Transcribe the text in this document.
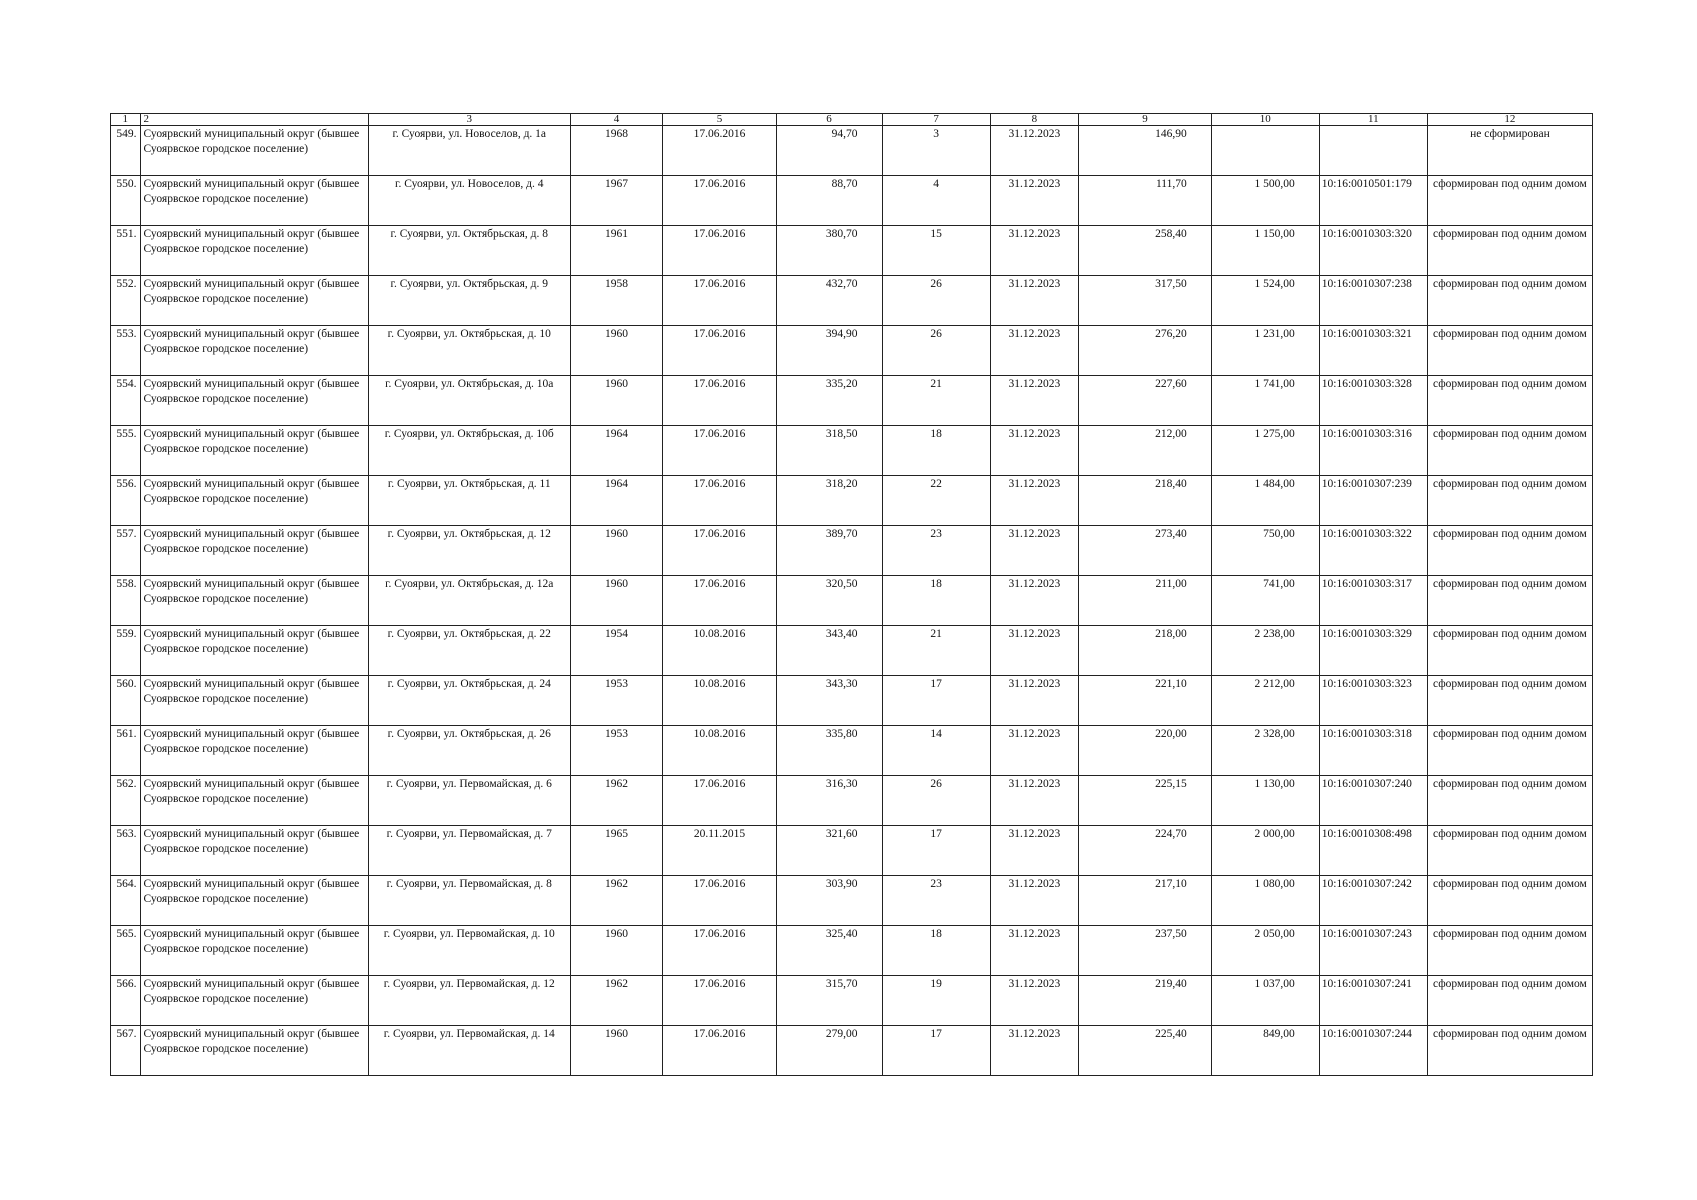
1	2	3	4	5	6	7	8	9	10	11	12
549.	Суоярвский муниципальный округ (бывшее Суоярвское городское поселение)	г. Суоярви, ул. Новоселов, д. 1а	1968	17.06.2016	94,70	3	31.12.2023	146,90			не сформирован
550.	Суоярвский муниципальный округ (бывшее Суоярвское городское поселение)	г. Суоярви, ул. Новоселов, д. 4	1967	17.06.2016	88,70	4	31.12.2023	111,70	1 500,00	10:16:0010501:179	сформирован под одним домом
551.	Суоярвский муниципальный округ (бывшее Суоярвское городское поселение)	г. Суоярви, ул. Октябрьская, д. 8	1961	17.06.2016	380,70	15	31.12.2023	258,40	1 150,00	10:16:0010303:320	сформирован под одним домом
552.	Суоярвский муниципальный округ (бывшее Суоярвское городское поселение)	г. Суоярви, ул. Октябрьская, д. 9	1958	17.06.2016	432,70	26	31.12.2023	317,50	1 524,00	10:16:0010307:238	сформирован под одним домом
553.	Суоярвский муниципальный округ (бывшее Суоярвское городское поселение)	г. Суоярви, ул. Октябрьская, д. 10	1960	17.06.2016	394,90	26	31.12.2023	276,20	1 231,00	10:16:0010303:321	сформирован под одним домом
554.	Суоярвский муниципальный округ (бывшее Суоярвское городское поселение)	г. Суоярви, ул. Октябрьская, д. 10а	1960	17.06.2016	335,20	21	31.12.2023	227,60	1 741,00	10:16:0010303:328	сформирован под одним домом
555.	Суоярвский муниципальный округ (бывшее Суоярвское городское поселение)	г. Суоярви, ул. Октябрьская, д. 10б	1964	17.06.2016	318,50	18	31.12.2023	212,00	1 275,00	10:16:0010303:316	сформирован под одним домом
556.	Суоярвский муниципальный округ (бывшее Суоярвское городское поселение)	г. Суоярви, ул. Октябрьская, д. 11	1964	17.06.2016	318,20	22	31.12.2023	218,40	1 484,00	10:16:0010307:239	сформирован под одним домом
557.	Суоярвский муниципальный округ (бывшее Суоярвское городское поселение)	г. Суоярви, ул. Октябрьская, д. 12	1960	17.06.2016	389,70	23	31.12.2023	273,40	750,00	10:16:0010303:322	сформирован под одним домом
558.	Суоярвский муниципальный округ (бывшее Суоярвское городское поселение)	г. Суоярви, ул. Октябрьская, д. 12а	1960	17.06.2016	320,50	18	31.12.2023	211,00	741,00	10:16:0010303:317	сформирован под одним домом
559.	Суоярвский муниципальный округ (бывшее Суоярвское городское поселение)	г. Суоярви, ул. Октябрьская, д. 22	1954	10.08.2016	343,40	21	31.12.2023	218,00	2 238,00	10:16:0010303:329	сформирован под одним домом
560.	Суоярвский муниципальный округ (бывшее Суоярвское городское поселение)	г. Суоярви, ул. Октябрьская, д. 24	1953	10.08.2016	343,30	17	31.12.2023	221,10	2 212,00	10:16:0010303:323	сформирован под одним домом
561.	Суоярвский муниципальный округ (бывшее Суоярвское городское поселение)	г. Суоярви, ул. Октябрьская, д. 26	1953	10.08.2016	335,80	14	31.12.2023	220,00	2 328,00	10:16:0010303:318	сформирован под одним домом
562.	Суоярвский муниципальный округ (бывшее Суоярвское городское поселение)	г. Суоярви, ул. Первомайская, д. 6	1962	17.06.2016	316,30	26	31.12.2023	225,15	1 130,00	10:16:0010307:240	сформирован под одним домом
563.	Суоярвский муниципальный округ (бывшее Суоярвское городское поселение)	г. Суоярви, ул. Первомайская, д. 7	1965	20.11.2015	321,60	17	31.12.2023	224,70	2 000,00	10:16:0010308:498	сформирован под одним домом
564.	Суоярвский муниципальный округ (бывшее Суоярвское городское поселение)	г. Суоярви, ул. Первомайская, д. 8	1962	17.06.2016	303,90	23	31.12.2023	217,10	1 080,00	10:16:0010307:242	сформирован под одним домом
565.	Суоярвский муниципальный округ (бывшее Суоярвское городское поселение)	г. Суоярви, ул. Первомайская, д. 10	1960	17.06.2016	325,40	18	31.12.2023	237,50	2 050,00	10:16:0010307:243	сформирован под одним домом
566.	Суоярвский муниципальный округ (бывшее Суоярвское городское поселение)	г. Суоярви, ул. Первомайская, д. 12	1962	17.06.2016	315,70	19	31.12.2023	219,40	1 037,00	10:16:0010307:241	сформирован под одним домом
567.	Суоярвский муниципальный округ (бывшее Суоярвское городское поселение)	г. Суоярви, ул. Первомайская, д. 14	1960	17.06.2016	279,00	17	31.12.2023	225,40	849,00	10:16:0010307:244	сформирован под одним домом
